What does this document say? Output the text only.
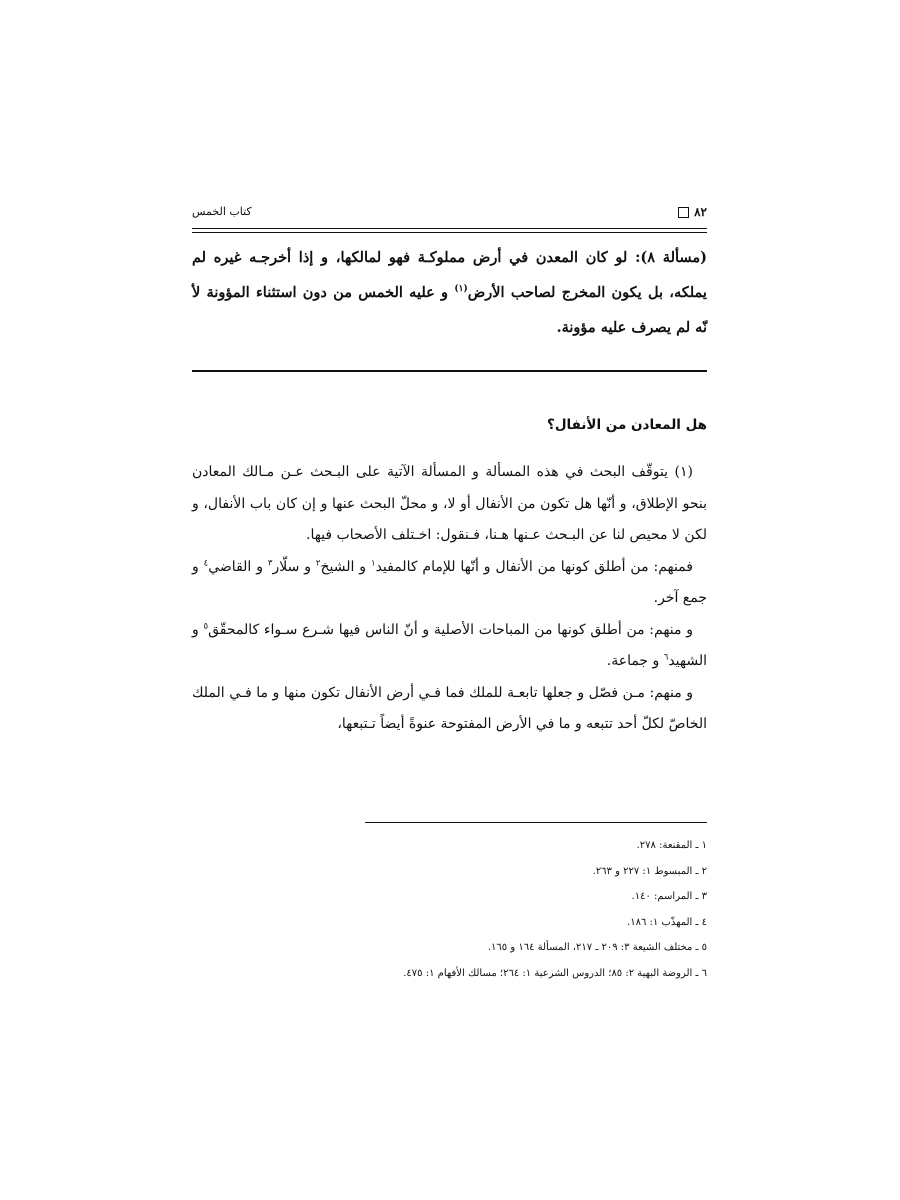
٨٢
كتاب الخمس
(مسألة ٨): لو كان المعدن في أرض مملوكـة فهو لمالكها، و إذا أخرجـه غيره لم يملكه، بل يكون المخرج لصاحب الأرض$^{(١)}$ و عليه الخمس من دون استثناء المؤونة لأ نّه لم يصرف عليه مؤونة.
هل المعادن من الأنفال؟

(١) يتوقّف البحث في هذه المسألة و المسألة الآتية على البـحث عـن مـالك المعادن بنحو الإطلاق، و أنّها هل تكون من الأنفال أو لا، و محلّ البحث عنها و إن كان باب الأنفال، و لكن لا محيص لنا عن البـحث عـنها هـنا، فـنقول: اخـتلف الأصحاب فيها.

فمنهم: من أطلق كونها من الأنفال و أنّها للإمام كالمفيد$^١$ و الشيخ$^٢$ و سلّار$^٣$ و القاضي$^٤$ و جمع آخر.

و منهم: من أطلق كونها من المباحات الأصلية و أنّ الناس فيها شـرع سـواء كالمحقّق$^٥$ و الشهيد$^٦$ و جماعة.

و منهم: مـن فصّل و جعلها تابعـة للملك فما فـي أرض الأنفال تكون منها و ما فـي الملك الخاصّ لكلّ أحد تتبعه و ما في الأرض المفتوحة عنوةً أيضاً تـتبعها،

١ ـ المقنعة: ٢٧٨.
٢ ـ المبسوط ١: ٢٢٧ و ٢٦٣.
٣ ـ المراسم: ١٤٠.
٤ ـ المهذّب ١: ١٨٦.
٥ ـ مختلف الشيعة ٣: ٢٠٩ ـ ٢١٧، المسألة ١٦٤ و ١٦٥.
٦ ـ الروضة البهية ٢: ٨٥؛ الدروس الشرعية ١: ٢٦٤؛ مسالك الأفهام ١: ٤٧٥.
